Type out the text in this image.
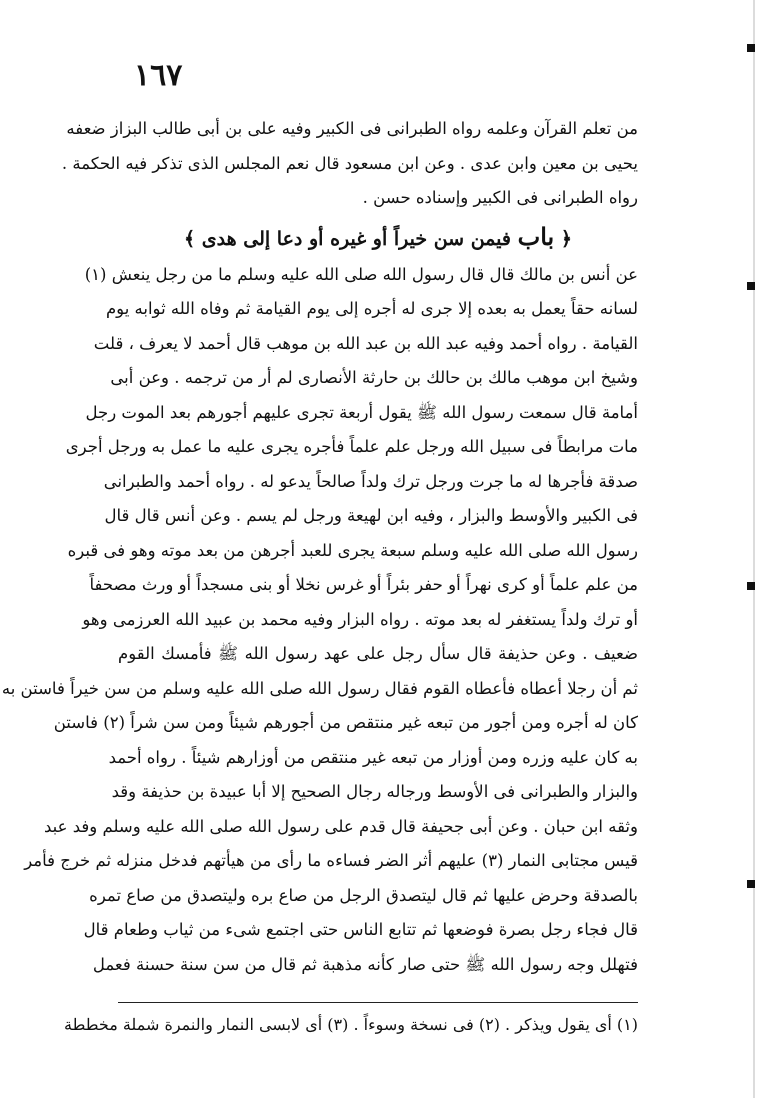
١٦٧
من تعلم القرآن وعلمه رواه الطبرانى فى الكبير وفيه على بن أبى طالب البزاز ضعفه
يحيى بن معين وابن عدى . وعن ابن مسعود قال نعم المجلس الذى تذكر فيه الحكمة .
رواه الطبرانى فى الكبير وإسناده حسن .
﴿ باب فيمن سن خيراً أو غيره أو دعا إلى هدى ﴾
عن أنس بن مالك قال قال رسول الله صلى الله عليه وسلم ما من رجل ينعش (١)
لسانه حقاً يعمل به بعده إلا جرى له أجره إلى يوم القيامة ثم وفاه الله ثوابه يوم
القيامة . رواه أحمد وفيه عبد الله بن عبد الله بن موهب قال أحمد لا يعرف ، قلت
وشيخ ابن موهب مالك بن حالك بن حارثة الأنصارى لم أر من ترجمه . وعن أبى
أمامة قال سمعت رسول الله ﷺ يقول أربعة تجرى عليهم أجورهم بعد الموت رجل
مات مرابطاً فى سبيل الله ورجل علم علماً فأجره يجرى عليه ما عمل به ورجل أجرى
صدقة فأجرها له ما جرت ورجل ترك ولداً صالحاً يدعو له . رواه أحمد والطبرانى
فى الكبير والأوسط والبزار ، وفيه ابن لهيعة ورجل لم يسم . وعن أنس قال قال
رسول الله صلى الله عليه وسلم سبعة يجرى للعبد أجرهن من بعد موته وهو فى قبره
من علم علماً أو كرى نهراً أو حفر بئراً أو غرس نخلا أو بنى مسجداً أو ورث مصحفاً
أو ترك ولداً يستغفر له بعد موته . رواه البزار وفيه محمد بن عبيد الله العرزمى وهو
ضعيف . وعن حذيفة قال سأل رجل على عهد رسول الله ﷺ فأمسك القوم
ثم أن رجلا أعطاه فأعطاه القوم فقال رسول الله صلى الله عليه وسلم من سن خيراً فاستن به
كان له أجره ومن أجور من تبعه غير منتقص من أجورهم شيئاً ومن سن شراً (٢) فاستن
به كان عليه وزره ومن أوزار من تبعه غير منتقص من أوزارهم شيئاً . رواه أحمد
والبزار والطبرانى فى الأوسط ورجاله رجال الصحيح إلا أبا عبيدة بن حذيفة وقد
وثقه ابن حبان . وعن أبى جحيفة قال قدم على رسول الله صلى الله عليه وسلم وفد عبد
قيس مجتابى النمار (٣) عليهم أثر الضر فساءه ما رأى من هيأتهم فدخل منزله ثم خرج فأمر
بالصدقة وحرض عليها ثم قال ليتصدق الرجل من صاع بره وليتصدق من صاع تمره
قال فجاء رجل بصرة فوضعها ثم تتابع الناس حتى اجتمع شىء من ثياب وطعام قال
فتهلل وجه رسول الله ﷺ حتى صار كأنه مذهبة ثم قال من سن سنة حسنة فعمل
(١) أى يقول ويذكر . (٢) فى نسخة وسوءاً . (٣) أى لابسى النمار والنمرة شملة مخططة
